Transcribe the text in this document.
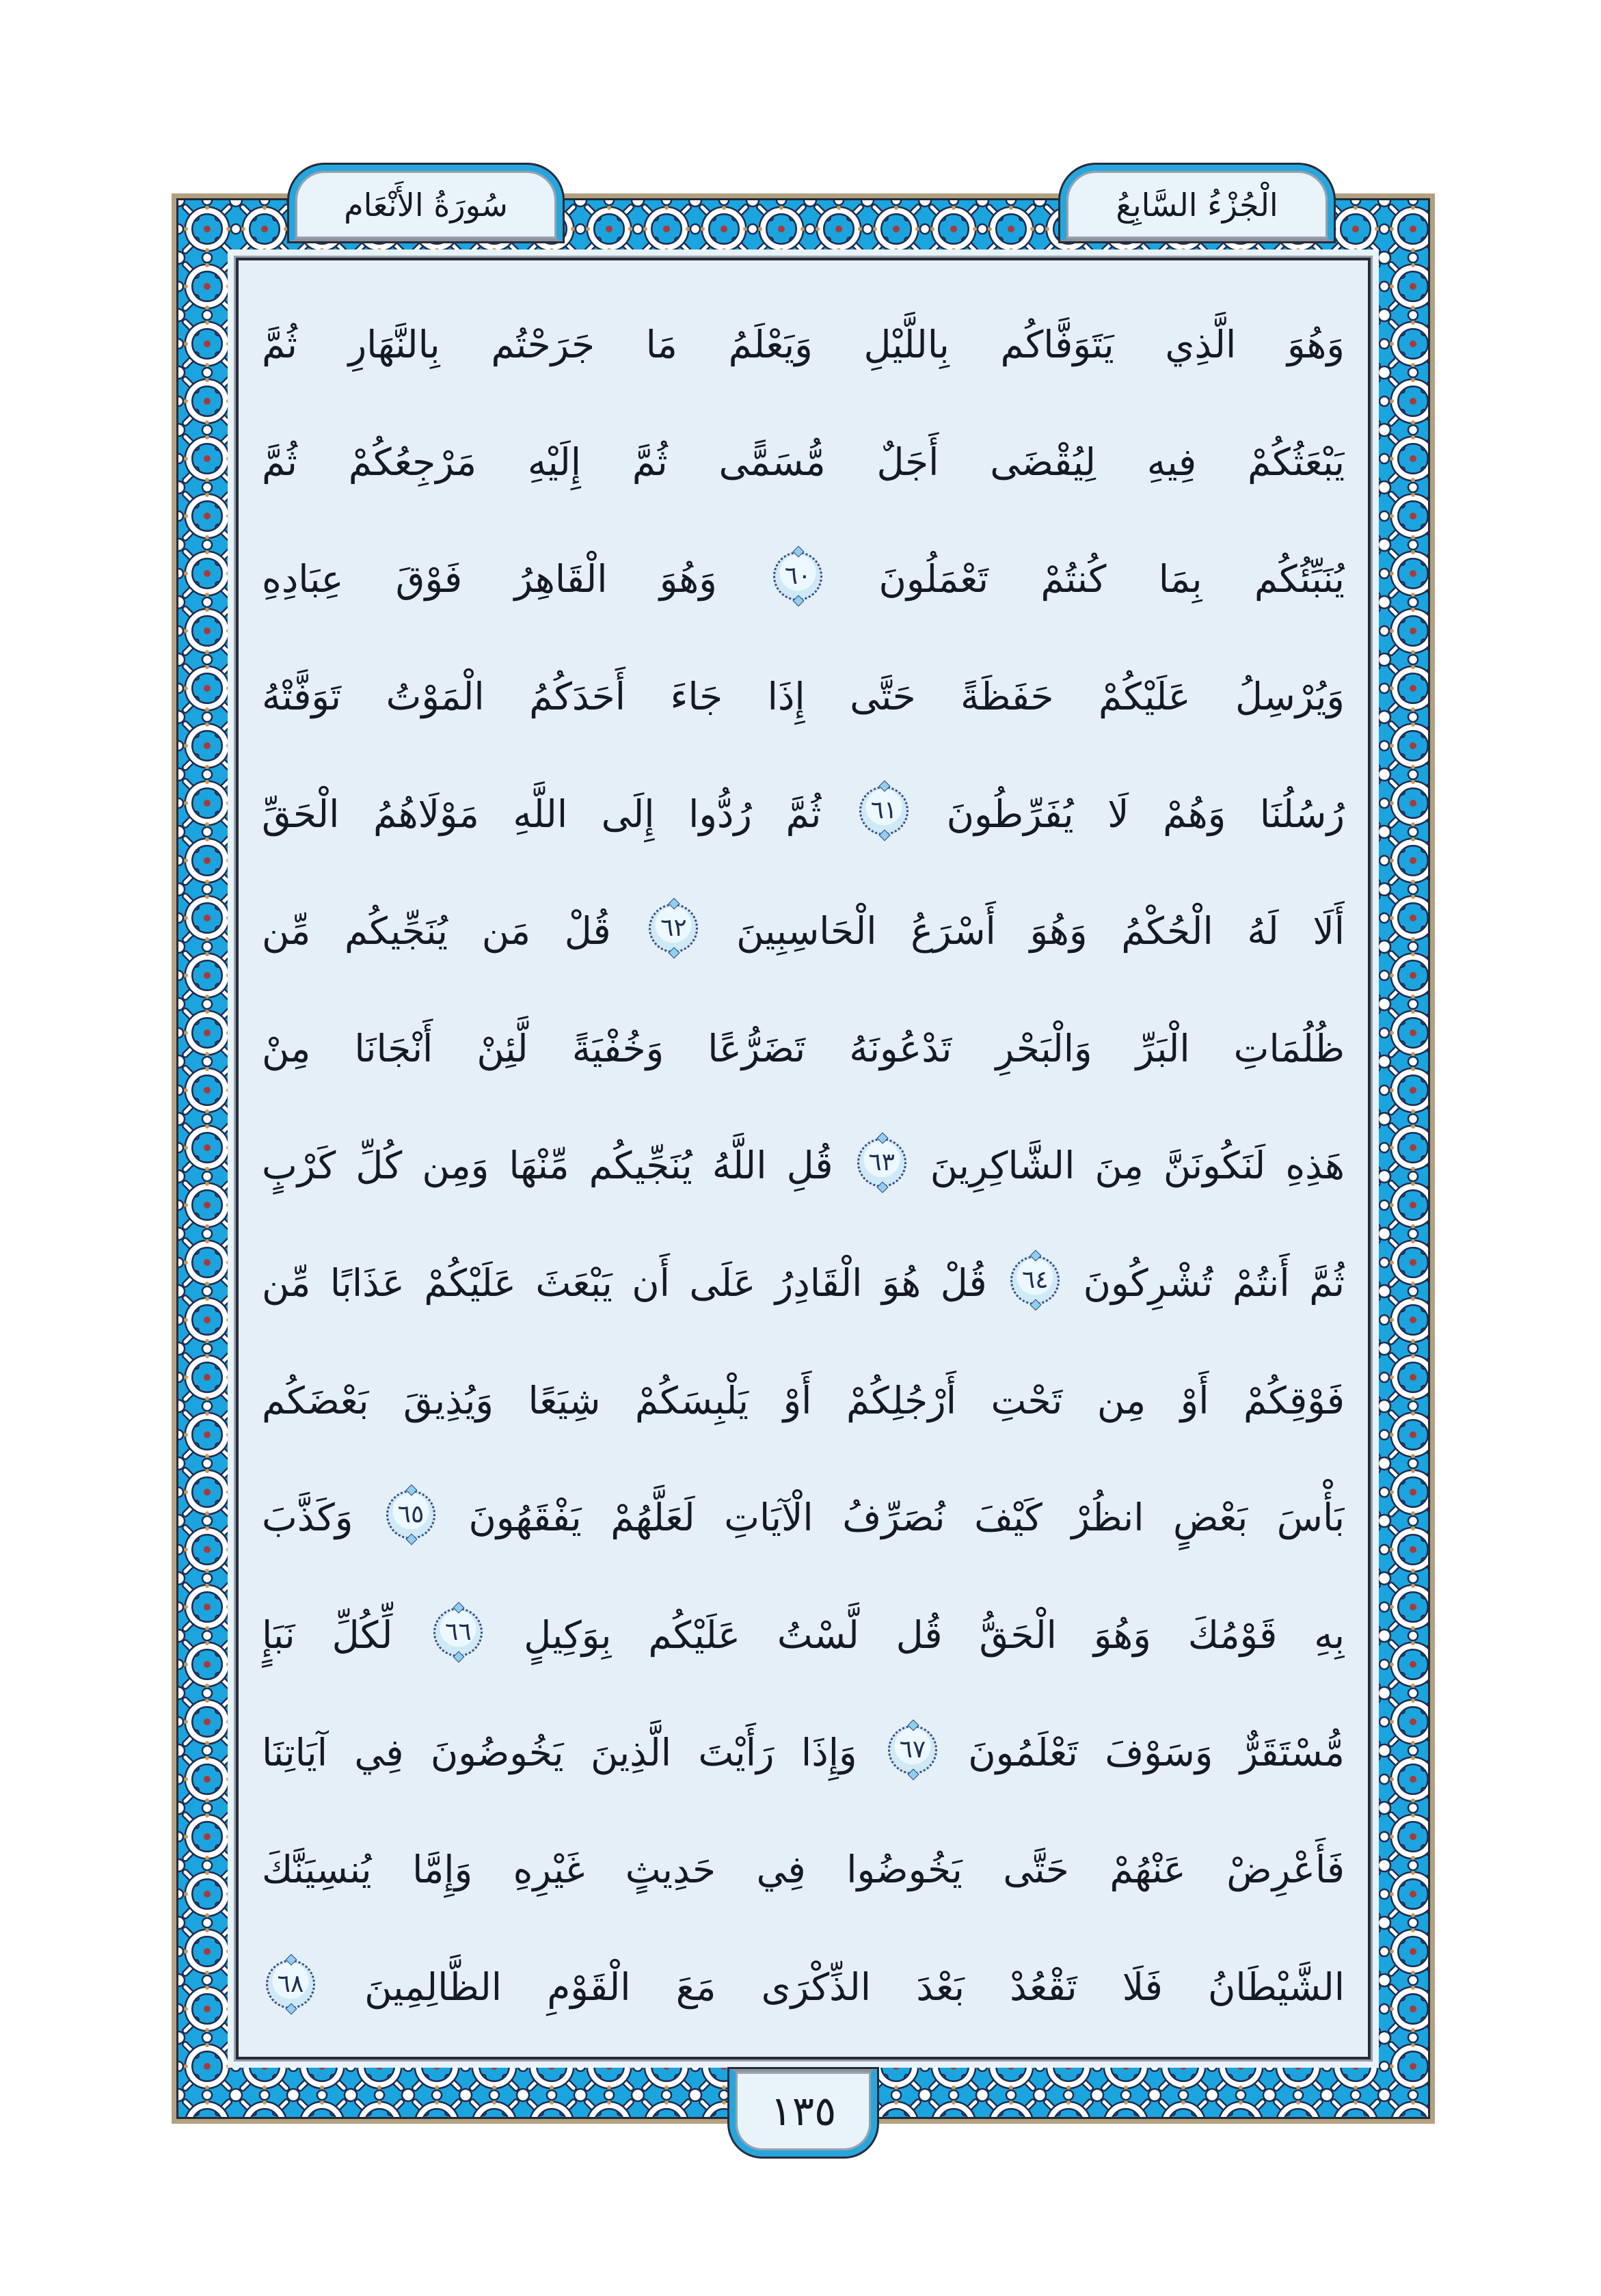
سُورَةُ الأَنْعَام	الْجُزْءُ السَّابِعُ
وَهُوَ الَّذِي يَتَوَفَّاكُم بِاللَّيْلِ وَيَعْلَمُ مَا جَرَحْتُم بِالنَّهَارِ ثُمَّ
يَبْعَثُكُمْ فِيهِ لِيُقْضَى أَجَلٌ مُّسَمًّى ثُمَّ إِلَيْهِ مَرْجِعُكُمْ ثُمَّ
يُنَبِّئُكُم بِمَا كُنتُمْ تَعْمَلُونَ ٦٠ وَهُوَ الْقَاهِرُ فَوْقَ عِبَادِهِ
وَيُرْسِلُ عَلَيْكُمْ حَفَظَةً حَتَّى إِذَا جَاءَ أَحَدَكُمُ الْمَوْتُ تَوَفَّتْهُ
رُسُلُنَا وَهُمْ لَا يُفَرِّطُونَ ٦١ ثُمَّ رُدُّوا إِلَى اللَّهِ مَوْلَاهُمُ الْحَقِّ
أَلَا لَهُ الْحُكْمُ وَهُوَ أَسْرَعُ الْحَاسِبِينَ ٦٢ قُلْ مَن يُنَجِّيكُم مِّن
ظُلُمَاتِ الْبَرِّ وَالْبَحْرِ تَدْعُونَهُ تَضَرُّعًا وَخُفْيَةً لَّئِنْ أَنْجَانَا مِنْ
هَذِهِ لَنَكُونَنَّ مِنَ الشَّاكِرِينَ ٦٣ قُلِ اللَّهُ يُنَجِّيكُم مِّنْهَا وَمِن كُلِّ كَرْبٍ
ثُمَّ أَنتُمْ تُشْرِكُونَ ٦٤ قُلْ هُوَ الْقَادِرُ عَلَى أَن يَبْعَثَ عَلَيْكُمْ عَذَابًا مِّن
فَوْقِكُمْ أَوْ مِن تَحْتِ أَرْجُلِكُمْ أَوْ يَلْبِسَكُمْ شِيَعًا وَيُذِيقَ بَعْضَكُم
بَأْسَ بَعْضٍ انظُرْ كَيْفَ نُصَرِّفُ الْآيَاتِ لَعَلَّهُمْ يَفْقَهُونَ ٦٥ وَكَذَّبَ
بِهِ قَوْمُكَ وَهُوَ الْحَقُّ قُل لَّسْتُ عَلَيْكُم بِوَكِيلٍ ٦٦ لِّكُلِّ نَبَإٍ
مُّسْتَقَرٌّ وَسَوْفَ تَعْلَمُونَ ٦٧ وَإِذَا رَأَيْتَ الَّذِينَ يَخُوضُونَ فِي آيَاتِنَا
فَأَعْرِضْ عَنْهُمْ حَتَّى يَخُوضُوا فِي حَدِيثٍ غَيْرِهِ وَإِمَّا يُنسِيَنَّكَ
الشَّيْطَانُ فَلَا تَقْعُدْ بَعْدَ الذِّكْرَى مَعَ الْقَوْمِ الظَّالِمِينَ ٦٨
١٣٥
